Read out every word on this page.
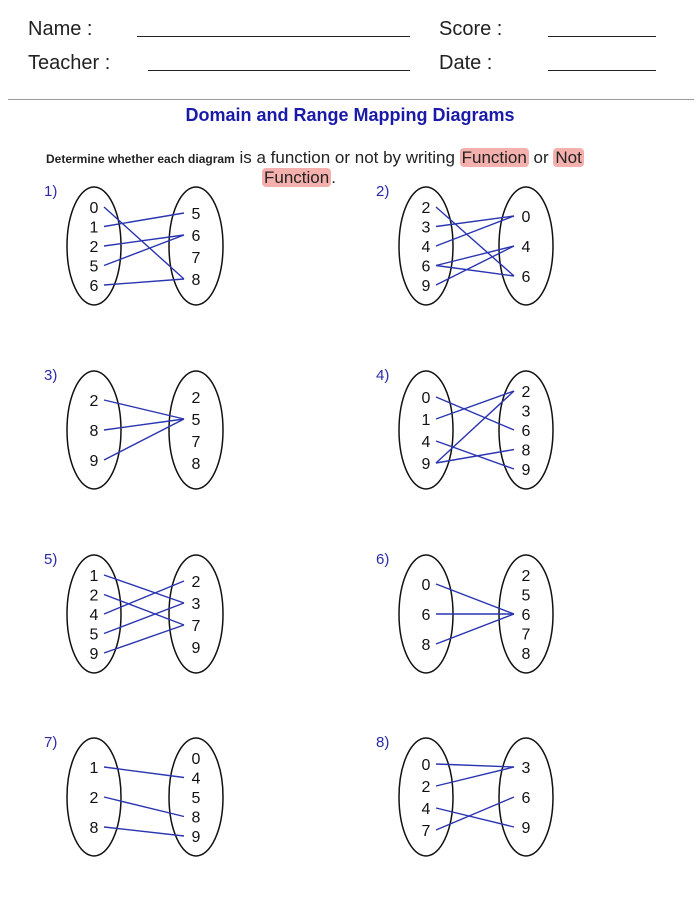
Name :	Score :
Teacher :	Date :
Domain and Range Mapping Diagrams
Determine whether each diagram is a function or not by writing Function or Not
Function .
1)
0
1
2
5
6
5
6
7
8
2)
2
3
4
6
9
0
4
6
3)
2
8
9
2
5
7
8
4)
0
1
4
9
2
3
6
8
9
5)
1
2
4
5
9
2
3
7
9
6)
0
6
8
2
5
6
7
8
7)
1
2
8
0
4
5
8
9
8)
0
2
4
7
3
6
9
